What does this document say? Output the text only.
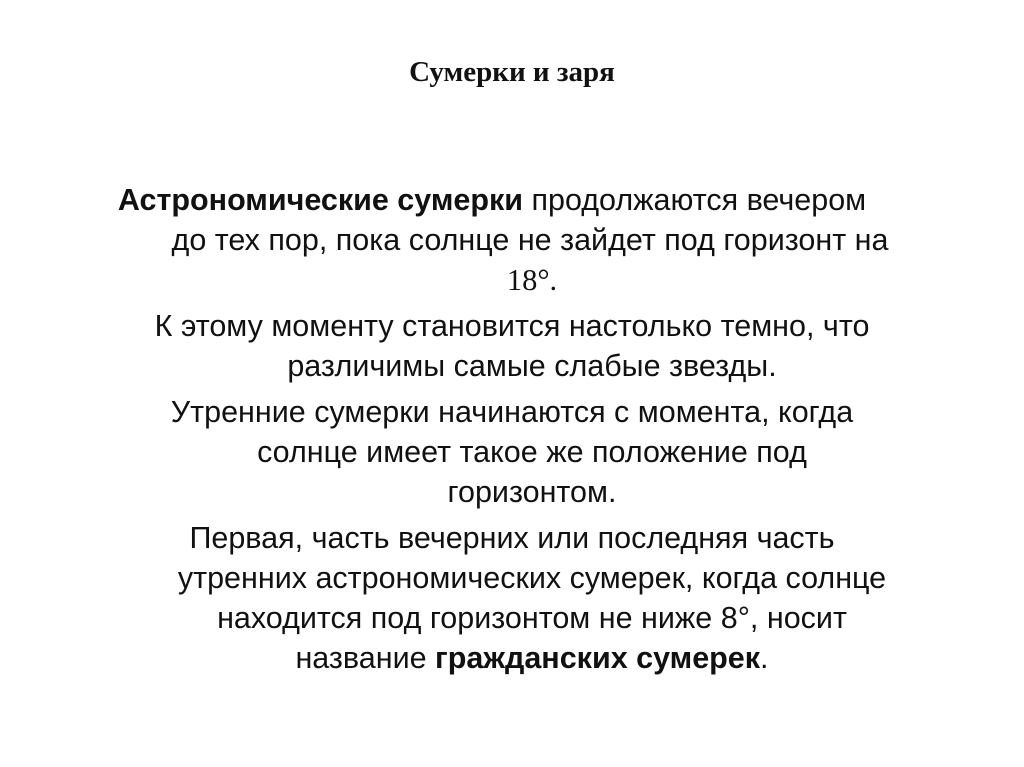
Сумерки и заря

Астрономические сумерки продолжаются вечером
до тех пор, пока солнце не зайдет под горизонт на
18°.

К этому моменту становится настолько темно, что
различимы самые слабые звезды.

Утренние сумерки начинаются с момента, когда
солнце имеет такое же положение под
горизонтом.

Первая, часть вечерних или последняя часть
утренних астрономических сумерек, когда солнце
находится под горизонтом не ниже 8°, носит
название гражданских сумерек.
